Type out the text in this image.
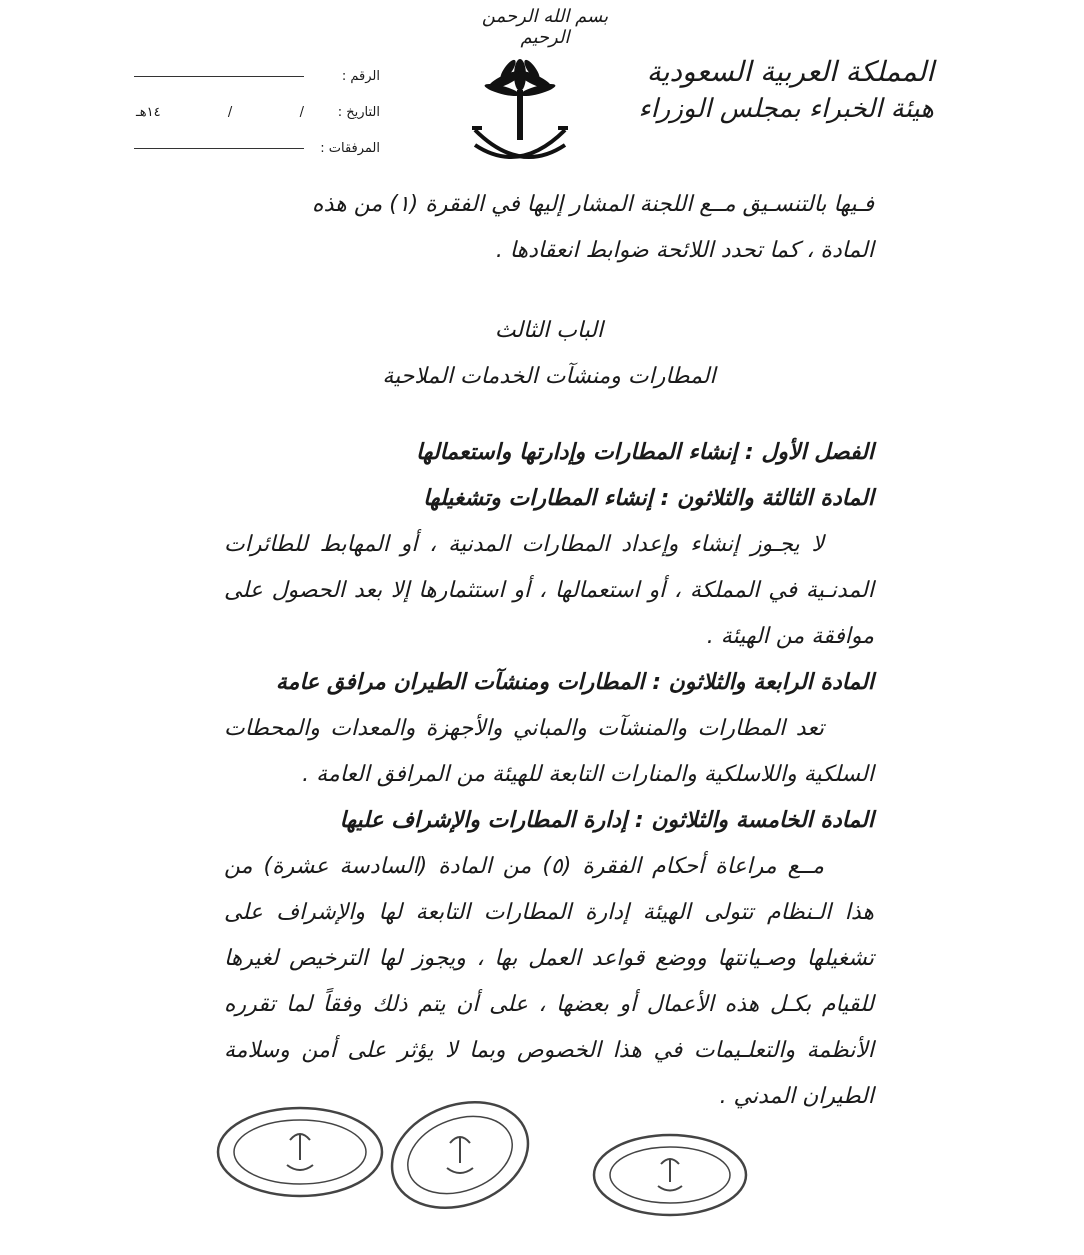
بسم الله الرحمن الرحيم
المملكة العربية السعودية
هيئة الخبراء بمجلس الوزراء
الرقم :
التاريخ :
١٤هـ	/	/
المرفقات :
فـيها بالتنسـيق مــع اللجنة المشار إليها في الفقرة (١) من هذه
المادة ، كما تحدد اللائحة ضوابط انعقادها .
الباب الثالث
المطارات ومنشآت الخدمات الملاحية
الفصل الأول : إنشاء المطارات وإدارتها واستعمالها
المادة الثالثة والثلاثون : إنشاء المطارات وتشغيلها
لا يجـوز إنشاء وإعداد المطارات المدنية ، أو المهابط للطائرات المدنـية في المملكة ، أو استعمالها ، أو استثمارها إلا بعد الحصول على موافقة من الهيئة .
المادة الرابعة والثلاثون : المطارات ومنشآت الطيران مرافق عامة
تعد المطارات والمنشآت والمباني والأجهزة والمعدات والمحطات السلكية واللاسلكية والمنارات التابعة للهيئة من المرافق العامة .
المادة الخامسة والثلاثون : إدارة المطارات والإشراف عليها
مــع مراعاة أحكام الفقرة (٥) من المادة (السادسة عشرة) من هذا الـنظام تتولى الهيئة إدارة المطارات التابعة لها والإشراف على تشغيلها وصـيانتها ووضع قواعد العمل بها ، ويجوز لها الترخيص لغيرها للقيام بكـل هذه الأعمال أو بعضها ، على أن يتم ذلك وفقاً لما تقرره الأنظمة والتعلـيمات في هذا الخصوص وبما لا يؤثر على أمن وسلامة الطيران المدني .
